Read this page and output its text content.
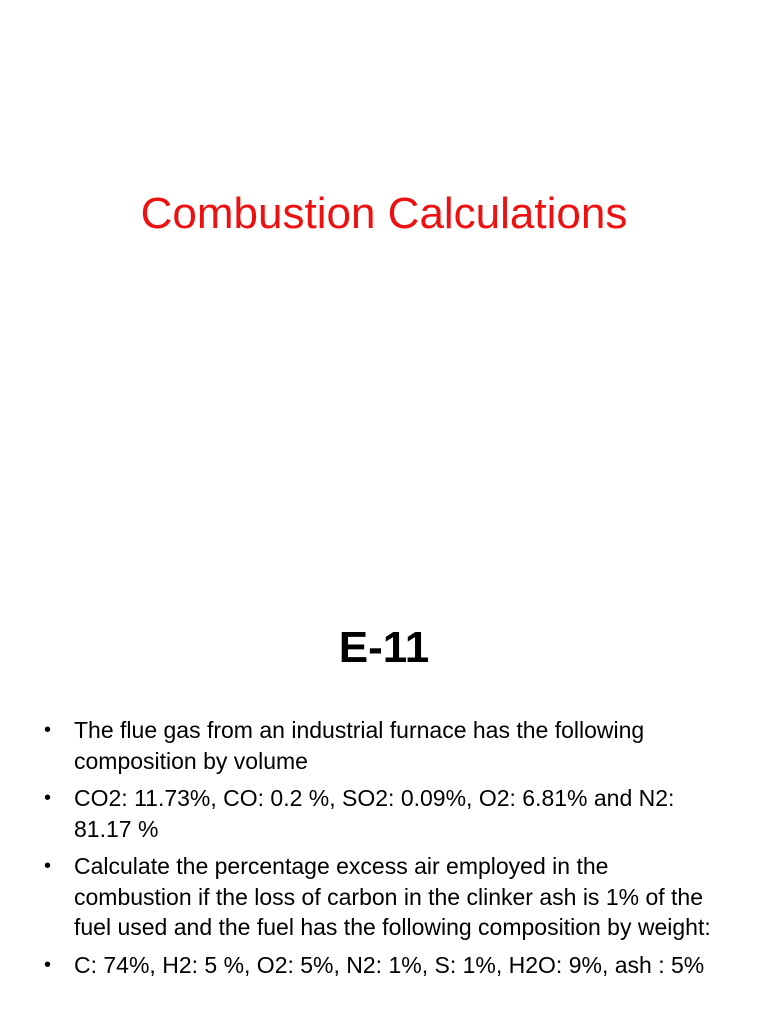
Combustion Calculations
E-11
• The flue gas from an industrial furnace has the following composition by volume
• CO2: 11.73%, CO: 0.2 %, SO2: 0.09%, O2: 6.81% and N2: 81.17 %
• Calculate the percentage excess air employed in the combustion if the loss of carbon in the clinker ash is 1% of the fuel used and the fuel has the following composition by weight:
• C: 74%, H2: 5 %, O2: 5%, N2: 1%, S: 1%, H2O: 9%, ash : 5%
